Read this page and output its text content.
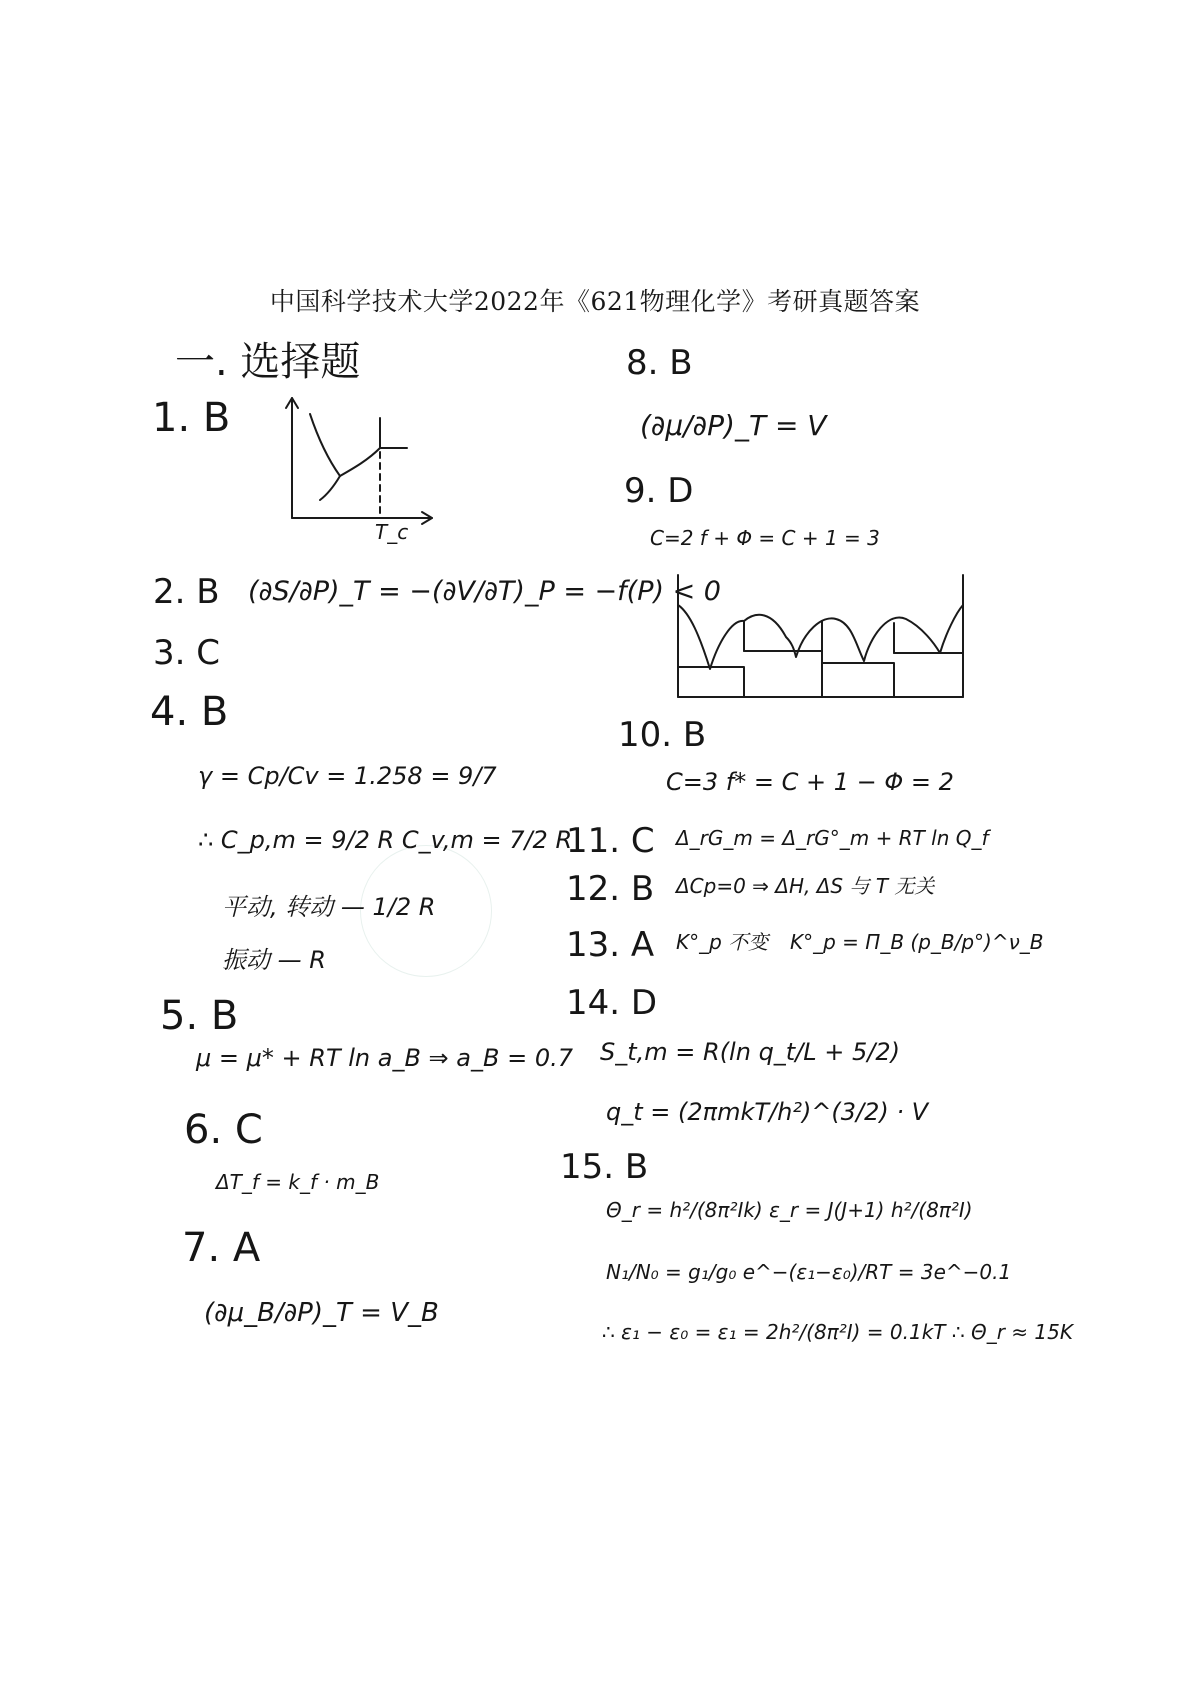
中国科学技术大学2022年《621物理化学》考研真题答案
一. 选择题
1. B
T_c
2. B (∂S/∂P)_T = −(∂V/∂T)_P = −f(P) < 0
3. C
4. B
γ = Cp/Cv = 1.258 = 9/7
∴ C_p,m = 9/2 R C_v,m = 7/2 R
平动, 转动 — 1/2 R
振动 — R
5. B
μ = μ* + RT ln a_B ⇒ a_B = 0.7
6. C
ΔT_f = k_f · m_B
7. A
(∂μ_B/∂P)_T = V_B
8. B
(∂μ/∂P)_T = V
9. D
C=2 f + Φ = C + 1 = 3
10. B
C=3 f* = C + 1 − Φ = 2
11. C Δ_rG_m = Δ_rG°_m + RT ln Q_f
12. B ΔCp=0 ⇒ ΔH, ΔS 与 T 无关
13. A K°_p 不变 K°_p = Π_B (p_B/p°)^ν_B
14. D
S_t,m = R(ln q_t/L + 5/2)
q_t = (2πmkT/h²)^(3/2) · V
15. B
Θ_r = h²/(8π²Ik) ε_r = J(J+1) h²/(8π²I)
N₁/N₀ = g₁/g₀ e^−(ε₁−ε₀)/RT = 3e^−0.1
∴ ε₁ − ε₀ = ε₁ = 2h²/(8π²I) = 0.1kT ∴ Θ_r ≈ 15K
